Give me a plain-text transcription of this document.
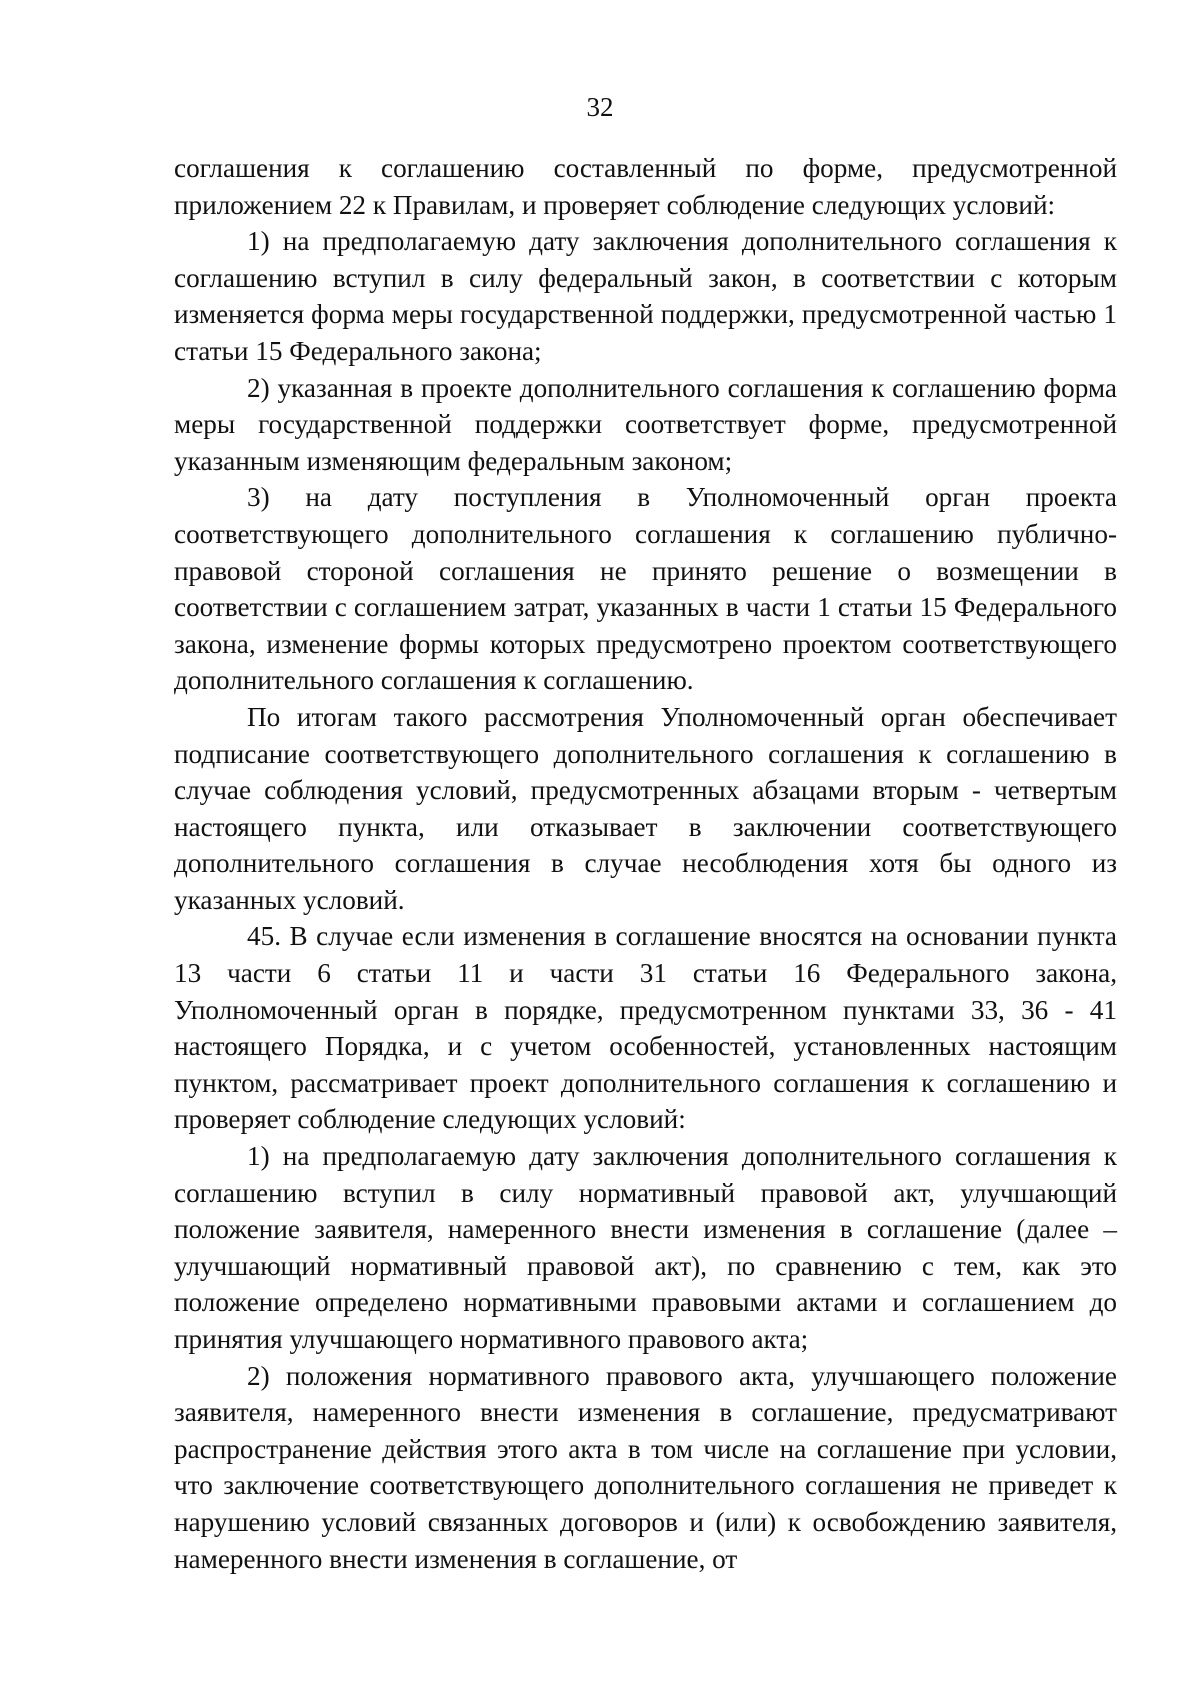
32

соглашения к соглашению составленный по форме, предусмотренной приложением 22 к Правилам, и проверяет соблюдение следующих условий:

1) на предполагаемую дату заключения дополнительного соглашения к соглашению вступил в силу федеральный закон, в соответствии с которым изменяется форма меры государственной поддержки, предусмотренной частью 1 статьи 15 Федерального закона;

2) указанная в проекте дополнительного соглашения к соглашению форма меры государственной поддержки соответствует форме, предусмотренной указанным изменяющим федеральным законом;

3) на дату поступления в Уполномоченный орган проекта соответствующего дополнительного соглашения к соглашению публично-правовой стороной соглашения не принято решение о возмещении в соответствии с соглашением затрат, указанных в части 1 статьи 15 Федерального закона, изменение формы которых предусмотрено проектом соответствующего дополнительного соглашения к соглашению.

По итогам такого рассмотрения Уполномоченный орган обеспечивает подписание соответствующего дополнительного соглашения к соглашению в случае соблюдения условий, предусмотренных абзацами вторым - четвертым настоящего пункта, или отказывает в заключении соответствующего дополнительного соглашения в случае несоблюдения хотя бы одного из указанных условий.

45. В случае если изменения в соглашение вносятся на основании пункта 13 части 6 статьи 11 и части 31 статьи 16 Федерального закона, Уполномоченный орган в порядке, предусмотренном пунктами 33, 36 - 41 настоящего Порядка, и с учетом особенностей, установленных настоящим пунктом, рассматривает проект дополнительного соглашения к соглашению и проверяет соблюдение следующих условий:

1) на предполагаемую дату заключения дополнительного соглашения к соглашению вступил в силу нормативный правовой акт, улучшающий положение заявителя, намеренного внести изменения в соглашение (далее – улучшающий нормативный правовой акт), по сравнению с тем, как это положение определено нормативными правовыми актами и соглашением до принятия улучшающего нормативного правового акта;

2) положения нормативного правового акта, улучшающего положение заявителя, намеренного внести изменения в соглашение, предусматривают распространение действия этого акта в том числе на соглашение при условии, что заключение соответствующего дополнительного соглашения не приведет к нарушению условий связанных договоров и (или) к освобождению заявителя, намеренного внести изменения в соглашение, от
